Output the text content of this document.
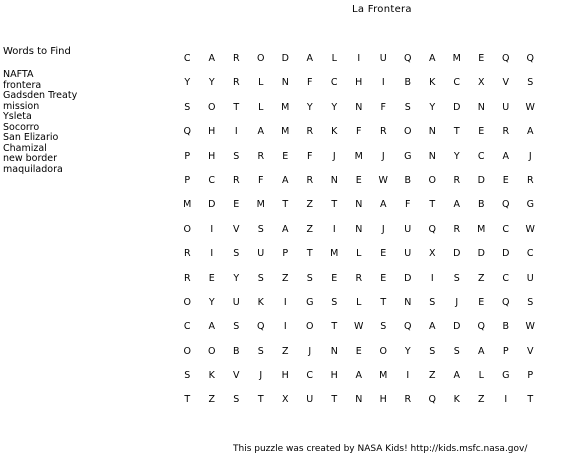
La Frontera
Words to Find
NAFTA
frontera
Gadsden Treaty
mission
Ysleta
Socorro
San Elizario
Chamizal
new border
maquiladora
C	A	R	O	D	A	L	I	U	Q	A	M	E	Q	Q
Y	Y	R	L	N	F	C	H	I	B	K	C	X	V	S
S	O	T	L	M	Y	Y	N	F	S	Y	D	N	U	W
Q	H	I	A	M	R	K	F	R	O	N	T	E	R	A
P	H	S	R	E	F	J	M	J	G	N	Y	C	A	J
P	C	R	F	A	R	N	E	W	B	O	R	D	E	R
M	D	E	M	T	Z	T	N	A	F	T	A	B	Q	G
O	I	V	S	A	Z	I	N	J	U	Q	R	M	C	W
R	I	S	U	P	T	M	L	E	U	X	D	D	D	C
R	E	Y	S	Z	S	E	R	E	D	I	S	Z	C	U
O	Y	U	K	I	G	S	L	T	N	S	J	E	Q	S
C	A	S	Q	I	O	T	W	S	Q	A	D	Q	B	W
O	O	B	S	Z	J	N	E	O	Y	S	S	A	P	V
S	K	V	J	H	C	H	A	M	I	Z	A	L	G	P
T	Z	S	T	X	U	T	N	H	R	Q	K	Z	I	T
This puzzle was created by NASA Kids! http://kids.msfc.nasa.gov/
